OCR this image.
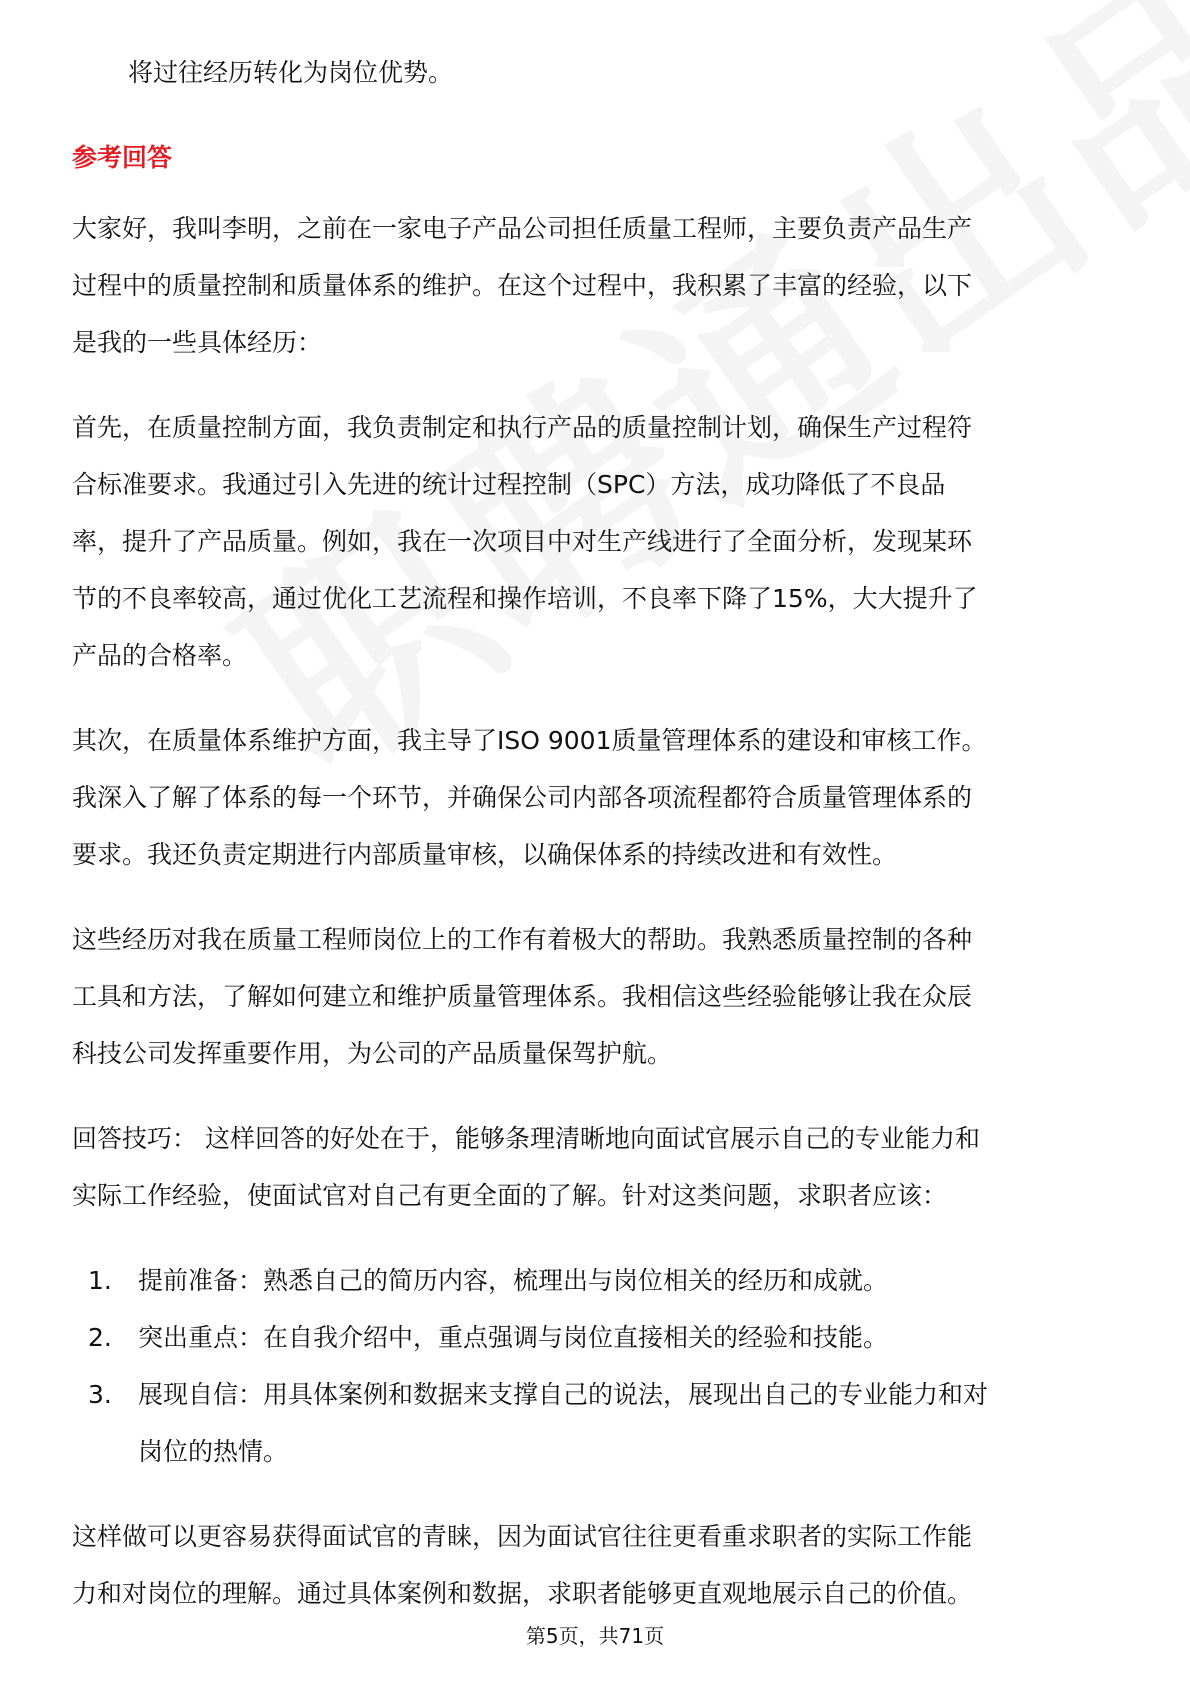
将过往经历转化为岗位优势。
参考回答
大家好，我叫李明，之前在一家电子产品公司担任质量工程师，主要负责产品生产
过程中的质量控制和质量体系的维护。在这个过程中，我积累了丰富的经验，以下
是我的一些具体经历：
首先，在质量控制方面，我负责制定和执行产品的质量控制计划，确保生产过程符
合标准要求。我通过引入先进的统计过程控制（SPC）方法，成功降低了不良品
率，提升了产品质量。例如，我在一次项目中对生产线进行了全面分析，发现某环
节的不良率较高，通过优化工艺流程和操作培训，不良率下降了15%，大大提升了
产品的合格率。
其次，在质量体系维护方面，我主导了ISO 9001质量管理体系的建设和审核工作。
我深入了解了体系的每一个环节，并确保公司内部各项流程都符合质量管理体系的
要求。我还负责定期进行内部质量审核，以确保体系的持续改进和有效性。
这些经历对我在质量工程师岗位上的工作有着极大的帮助。我熟悉质量控制的各种
工具和方法，了解如何建立和维护质量管理体系。我相信这些经验能够让我在众辰
科技公司发挥重要作用，为公司的产品质量保驾护航。
回答技巧： 这样回答的好处在于，能够条理清晰地向面试官展示自己的专业能力和
实际工作经验，使面试官对自己有更全面的了解。针对这类问题，求职者应该：
1.	提前准备：熟悉自己的简历内容，梳理出与岗位相关的经历和成就。
2.	突出重点：在自我介绍中，重点强调与岗位直接相关的经验和技能。
3.	展现自信：用具体案例和数据来支撑自己的说法，展现出自己的专业能力和对
岗位的热情。
这样做可以更容易获得面试官的青睐，因为面试官往往更看重求职者的实际工作能
力和对岗位的理解。通过具体案例和数据，求职者能够更直观地展示自己的价值。
第5页，共71页
